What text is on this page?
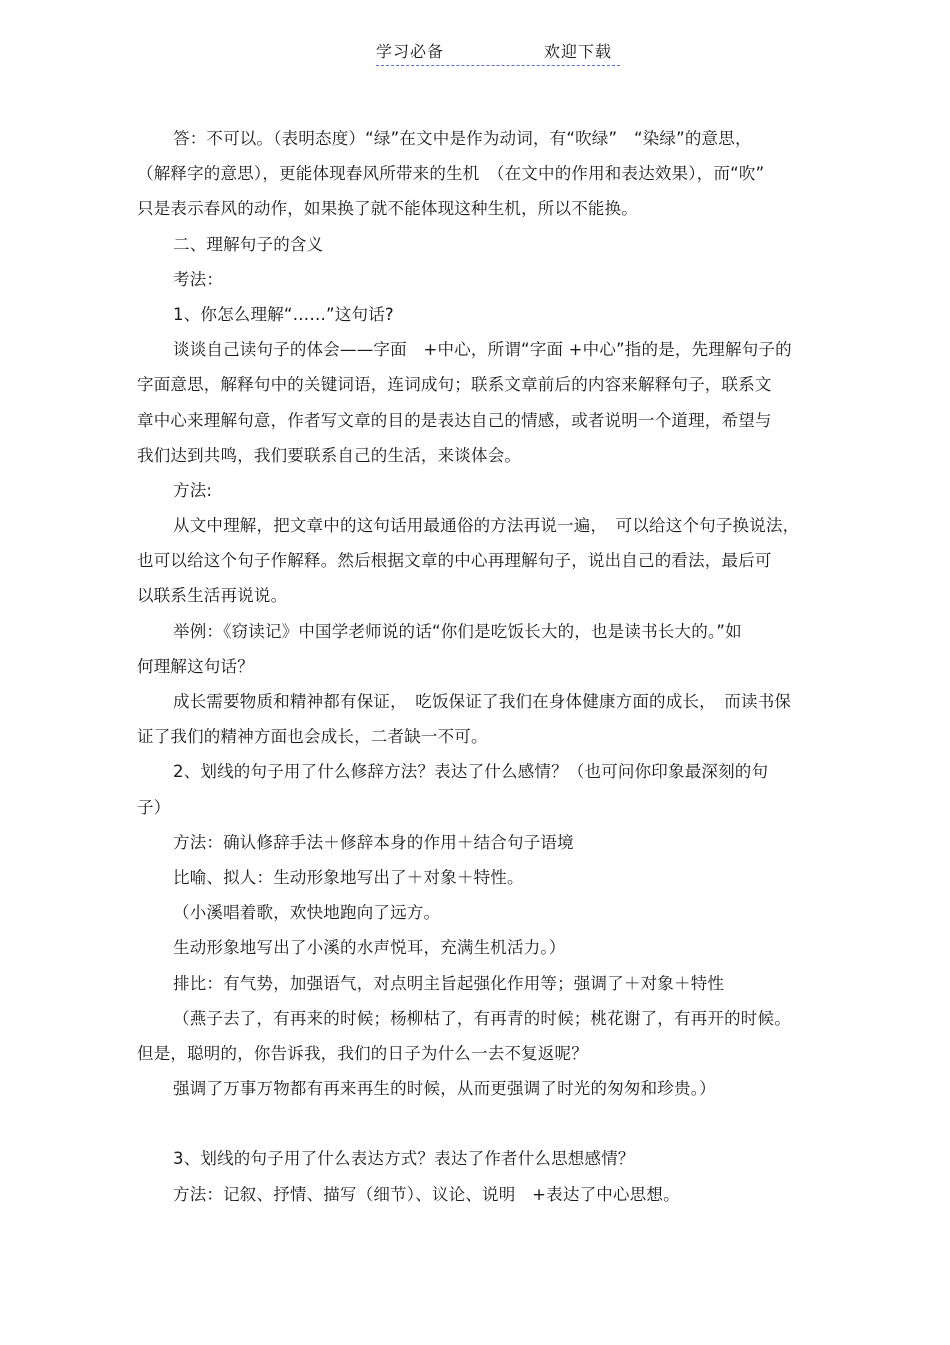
学习必备	欢迎下载
答：不可以。（表明态度）“绿”在文中是作为动词，有“吹绿”　“染绿”的意思，
（解释字的意思），更能体现春风所带来的生机　（在文中的作用和表达效果），而“吹”
只是表示春风的动作，如果换了就不能体现这种生机，所以不能换。
二、理解句子的含义
考法：
1、你怎么理解“……”这句话?
谈谈自己读句子的体会——字面　+中心，所谓“字面 +中心”指的是，先理解句子的
字面意思，解释句中的关键词语，连词成句；联系文章前后的内容来解释句子，联系文
章中心来理解句意，作者写文章的目的是表达自己的情感，或者说明一个道理，希望与
我们达到共鸣，我们要联系自己的生活，来谈体会。
方法:
从文中理解，把文章中的这句话用最通俗的方法再说一遍，　可以给这个句子换说法，
也可以给这个句子作解释。然后根据文章的中心再理解句子，说出自己的看法，最后可
以联系生活再说说。
举例：《窃读记》中国学老师说的话“你们是吃饭长大的，也是读书长大的。”如
何理解这句话？
成长需要物质和精神都有保证，　吃饭保证了我们在身体健康方面的成长，　而读书保
证了我们的精神方面也会成长，二者缺一不可。
2、划线的句子用了什么修辞方法？表达了什么感情？（也可问你印象最深刻的句
子）
方法：确认修辞手法＋修辞本身的作用＋结合句子语境
比喻、拟人：生动形象地写出了＋对象＋特性。
（小溪唱着歌，欢快地跑向了远方。
生动形象地写出了小溪的水声悦耳，充满生机活力。）
排比：有气势，加强语气，对点明主旨起强化作用等；强调了＋对象＋特性
（燕子去了，有再来的时候；杨柳枯了，有再青的时候；桃花谢了，有再开的时候。
但是，聪明的，你告诉我，我们的日子为什么一去不复返呢？
强调了万事万物都有再来再生的时候，从而更强调了时光的匆匆和珍贵。）
3、划线的句子用了什么表达方式？表达了作者什么思想感情？
方法：记叙、抒情、描写（细节）、议论、说明　+表达了中心思想。
